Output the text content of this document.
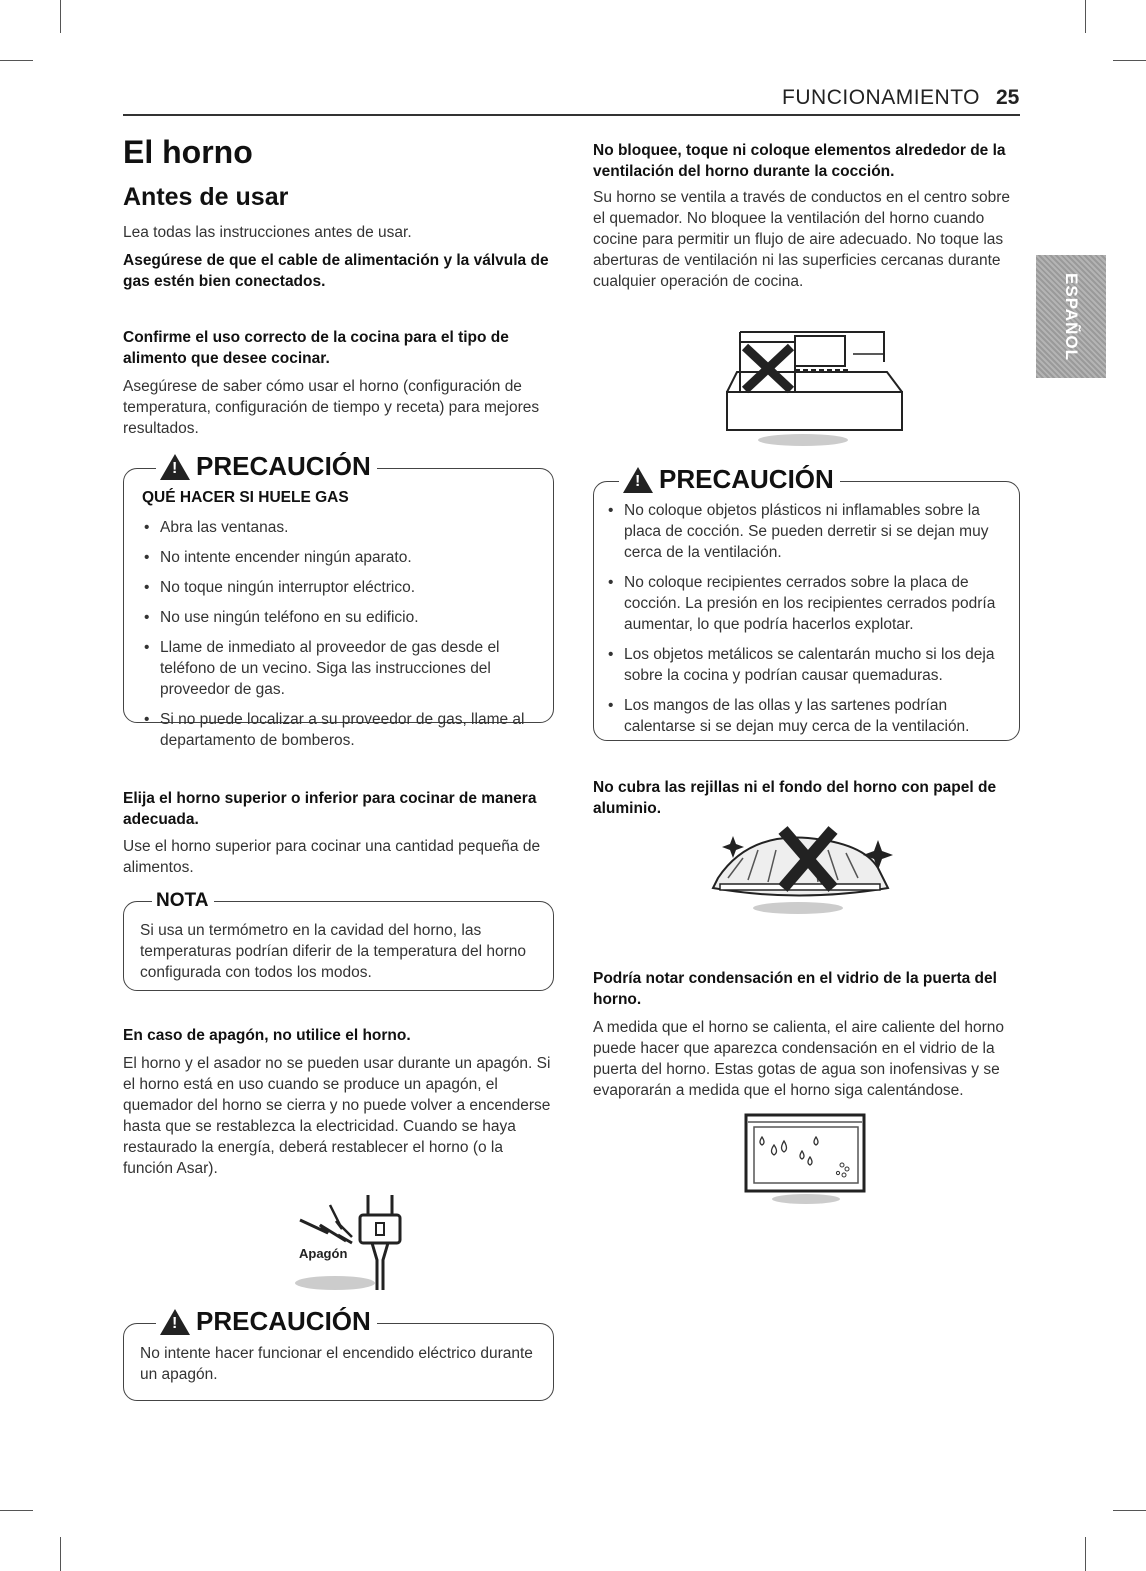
FUNCIONAMIENTO 25
ESPAÑOL
El horno
Antes de usar

Lea todas las instrucciones antes de usar.

Asegúrese de que el cable de alimentación y la válvula de gas estén bien conectados.

Confirme el uso correcto de la cocina para el tipo de alimento que desee cocinar.

Asegúrese de saber cómo usar el horno (configuración de temperatura, configuración de tiempo y receta) para mejores resultados.

!
PRECAUCIÓN
QUÉ HACER SI HUELE GAS
• Abra las ventanas.
• No intente encender ningún aparato.
• No toque ningún interruptor eléctrico.
• No use ningún teléfono en su edificio.
• Llame de inmediato al proveedor de gas desde el teléfono de un vecino. Siga las instrucciones del proveedor de gas.
• Si no puede localizar a su proveedor de gas, llame al departamento de bomberos.

Elija el horno superior o inferior para cocinar de manera adecuada.

Use el horno superior para cocinar una cantidad pequeña de alimentos.

NOTA

Si usa un termómetro en la cavidad del horno, las temperaturas podrían diferir de la temperatura del horno configurada con todos los modos.

En caso de apagón, no utilice el horno.

El horno y el asador no se pueden usar durante un apagón. Si el horno está en uso cuando se produce un apagón, el quemador del horno se cierra y no puede volver a encenderse hasta que se restablezca la electricidad. Cuando se haya restaurado la energía, deberá restablecer el horno (o la función Asar).

Apagón
!
PRECAUCIÓN

No intente hacer funcionar el encendido eléctrico durante un apagón.

No bloquee, toque ni coloque elementos alrededor de la ventilación del horno durante la cocción.

Su horno se ventila a través de conductos en el centro sobre el quemador. No bloquee la ventilación del horno cuando cocine para permitir un flujo de aire adecuado. No toque las aberturas de ventilación ni las superficies cercanas durante cualquier operación de cocina.

!
PRECAUCIÓN
• No coloque objetos plásticos ni inflamables sobre la placa de cocción. Se pueden derretir si se dejan muy cerca de la ventilación.
• No coloque recipientes cerrados sobre la placa de cocción. La presión en los recipientes cerrados podría aumentar, lo que podría hacerlos explotar.
• Los objetos metálicos se calentarán mucho si los deja sobre la cocina y podrían causar quemaduras.
• Los mangos de las ollas y las sartenes podrían calentarse si se dejan muy cerca de la ventilación.

No cubra las rejillas ni el fondo del horno con papel de aluminio.

Podría notar condensación en el vidrio de la puerta del horno.

A medida que el horno se calienta, el aire caliente del horno puede hacer que aparezca condensación en el vidrio de la puerta del horno. Estas gotas de agua son inofensivas y se evaporarán a medida que el horno siga calentándose.
